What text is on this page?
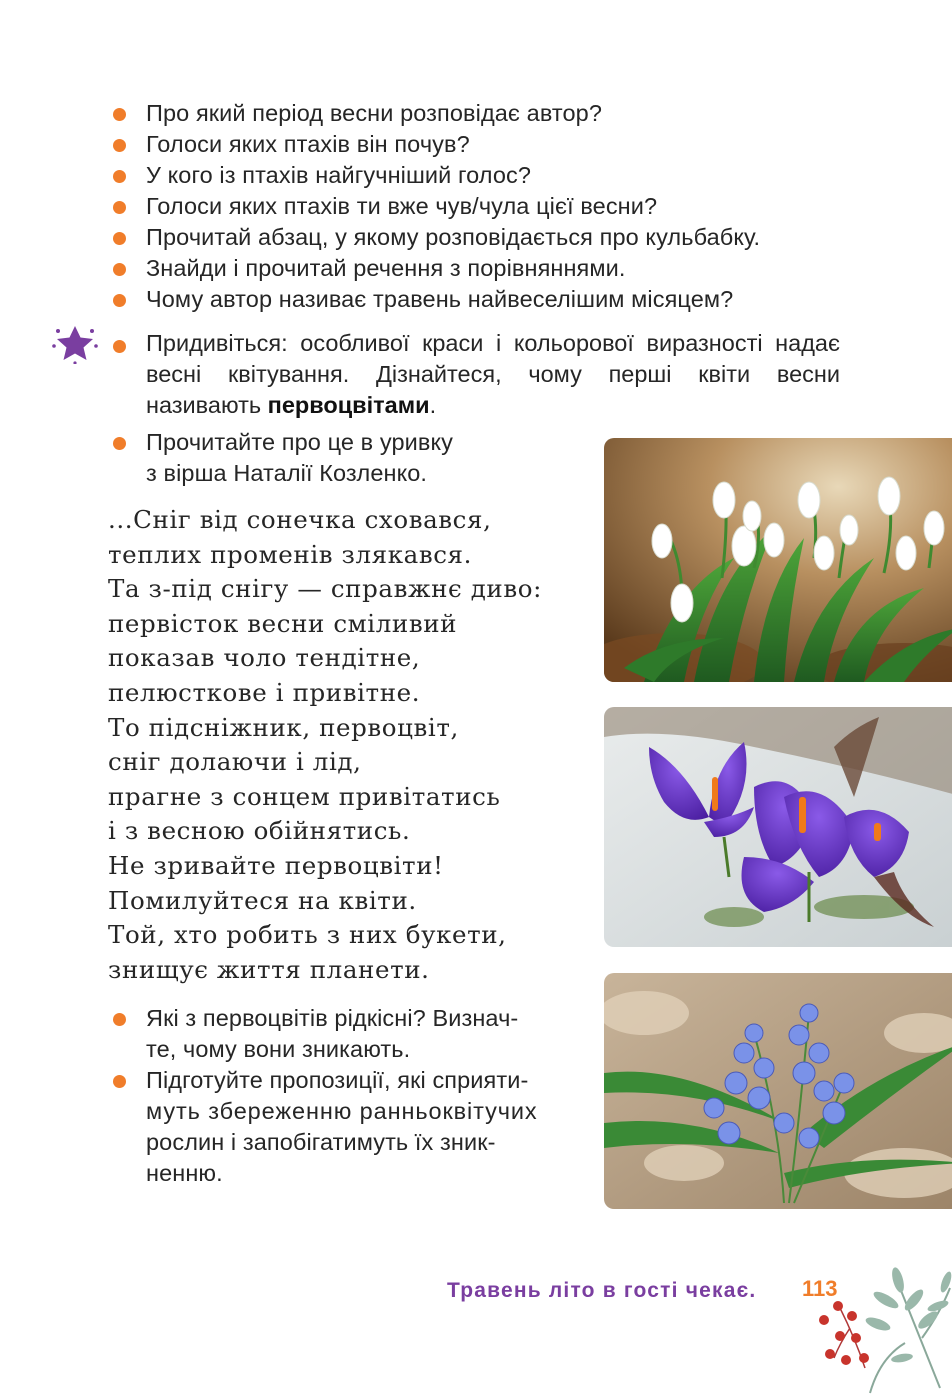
Про який період весни розповідає автор?
Голоси яких птахів він почув?
У кого із птахів найгучніший голос?
Голоси яких птахів ти вже чув/чула цієї весни?
Прочитай абзац, у якому розповідається про кульбабку.
Знайди і прочитай речення з порівняннями.
Чому автор називає травень найвеселішим місяцем?
Придивіться: особливої краси і кольорової виразності надає весні квітування. Дізнайтеся, чому перші квіти весни називають первоцвітами.
Прочитайте про це в уривку
з вірша Наталії Козленко.
...Сніг від сонечка сховався,
теплих променів злякався.
Та з-під снігу — справжнє диво:
первісток весни сміливий
показав чоло тендітне,
пелюсткове і привітне.
То підсніжник, первоцвіт,
сніг долаючи і лід,
прагне з сонцем привітатись
і з весною обійнятись.
Не зривайте первоцвіти!
Помилуйтеся на квіти.
Той, хто робить з них букети,
знищує життя планети.
Які з первоцвітів рідкісні? Визнач-
те, чому вони зникають.
Підготуйте пропозиції, які сприяти-
муть збереженню ранньоквітучих
рослин і запобігатимуть їх зник-
ненню.
Травень літо в гості чекає. 113
